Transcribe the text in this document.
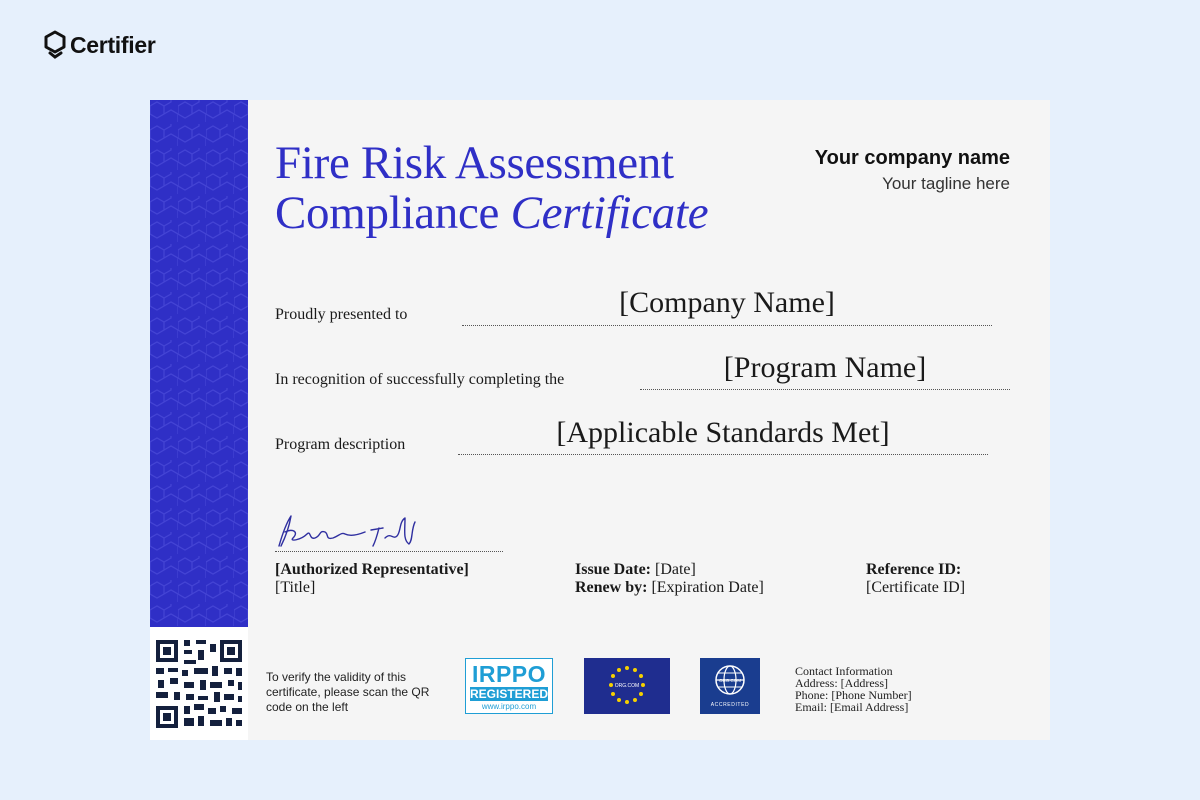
Certifier
Fire Risk Assessment
Compliance Certificate
Your company name
Your tagline here
Proudly presented to	[Company Name]
In recognition of successfully completing the	[Program Name]
Program description	[Applicable Standards Met]
[Authorized Representative]
[Title]
Issue Date: [Date]
Renew by: [Expiration Date]
Reference ID:
[Certificate ID]
To verify the validity of this certificate, please scan the QR code on the left
IRPPO
REGISTERED
www.irppo.com
ORG.COM
ORG.COM
ACCREDITED
Contact Information
Address: [Address]
Phone: [Phone Number]
Email: [Email Address]
